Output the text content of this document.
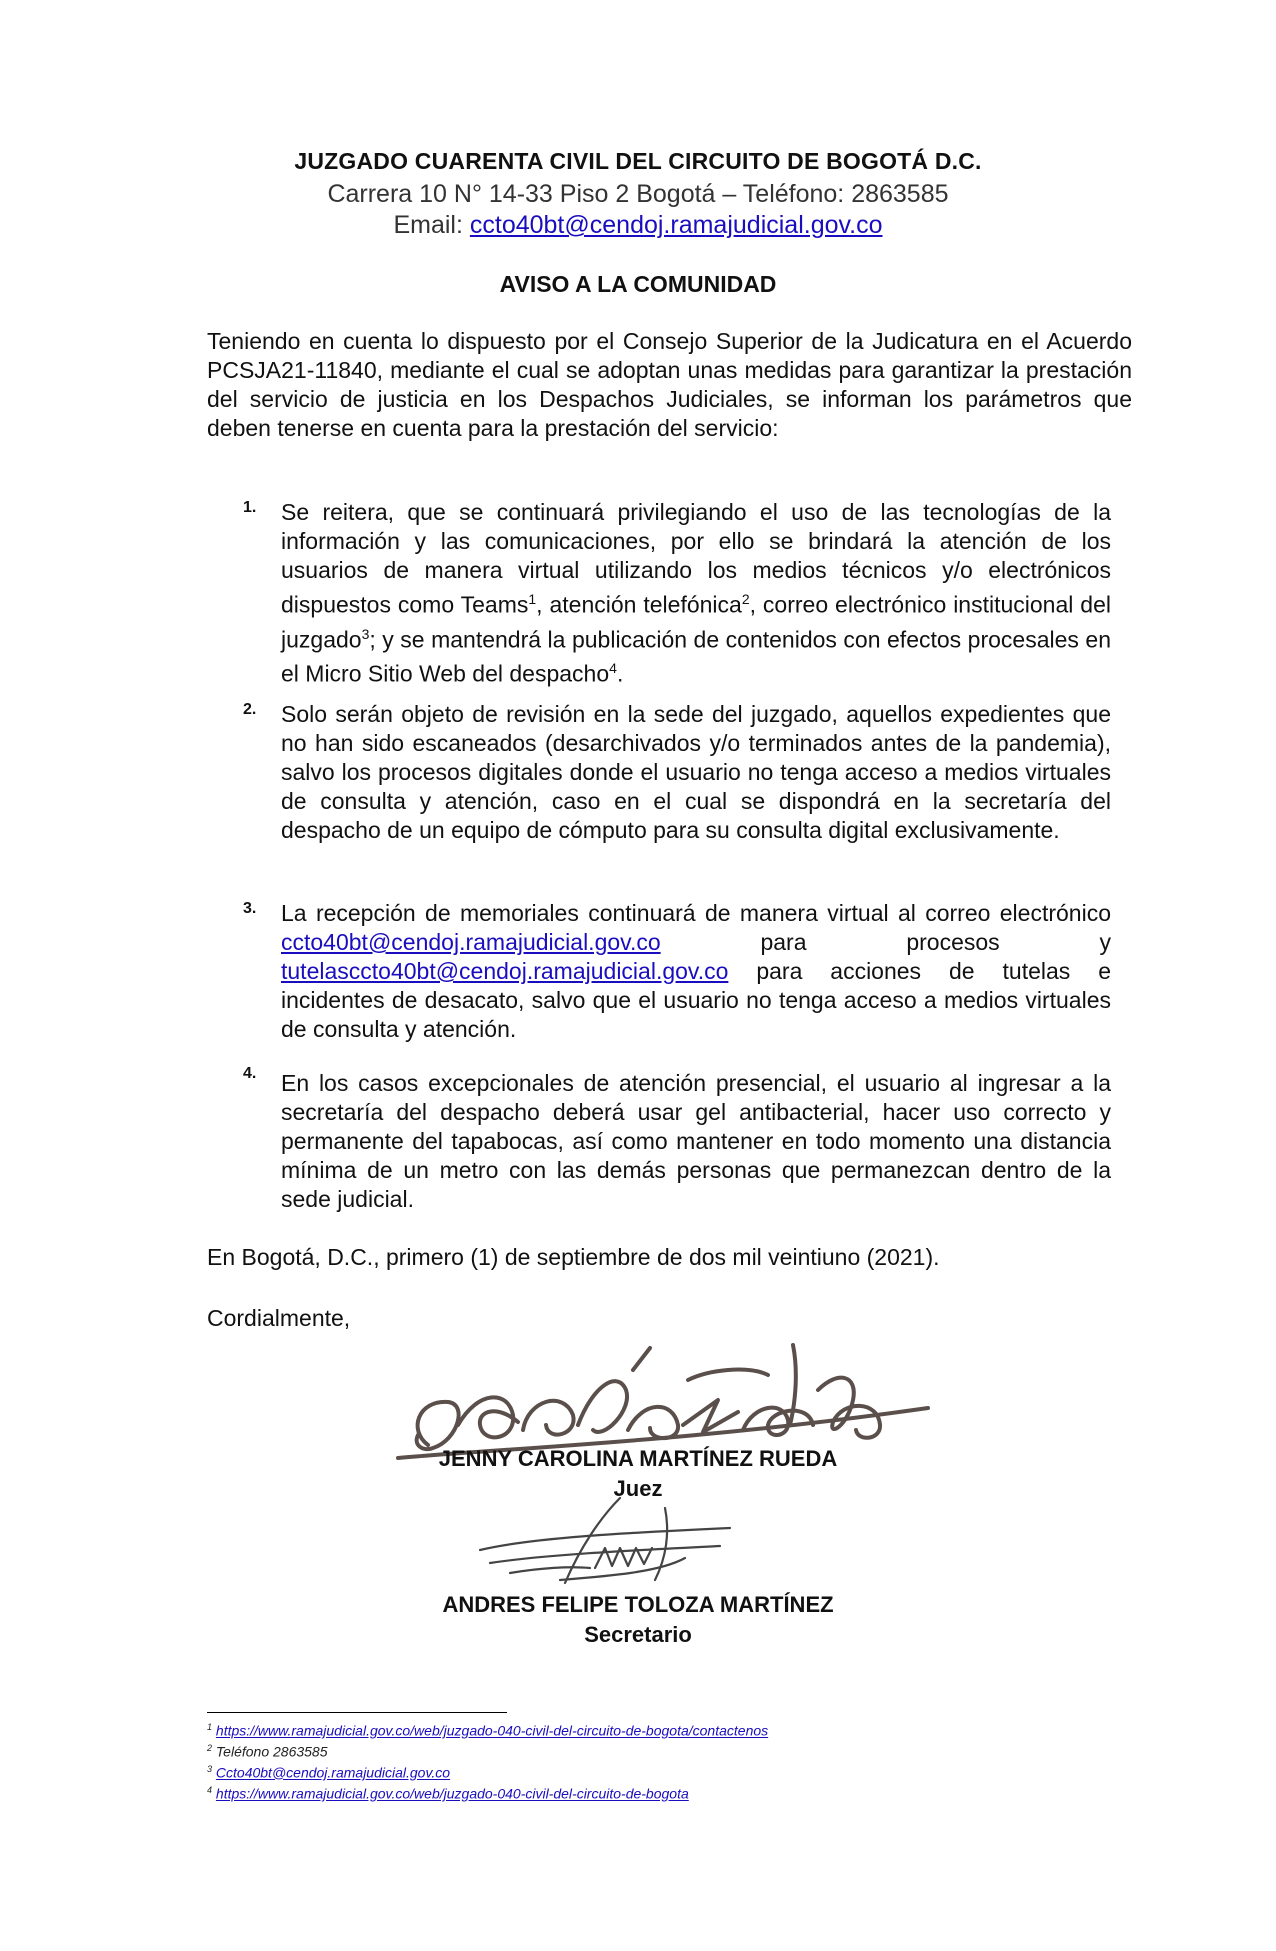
JUZGADO CUARENTA CIVIL DEL CIRCUITO DE BOGOTÁ D.C.
Carrera 10 N° 14-33 Piso 2 Bogotá – Teléfono: 2863585
Email: ccto40bt@cendoj.ramajudicial.gov.co
AVISO A LA COMUNIDAD
Teniendo en cuenta lo dispuesto por el Consejo Superior de la Judicatura en el Acuerdo PCSJA21-11840, mediante el cual se adoptan unas medidas para garantizar la prestación del servicio de justicia en los Despachos Judiciales, se informan los parámetros que deben tenerse en cuenta para la prestación del servicio:
1. Se reitera, que se continuará privilegiando el uso de las tecnologías de la información y las comunicaciones, por ello se brindará la atención de los usuarios de manera virtual utilizando los medios técnicos y/o electrónicos dispuestos como Teams$^1$, atención telefónica$^2$, correo electrónico institucional del juzgado$^3$; y se mantendrá la publicación de contenidos con efectos procesales en el Micro Sitio Web del despacho$^4$.
2. Solo serán objeto de revisión en la sede del juzgado, aquellos expedientes que no han sido escaneados (desarchivados y/o terminados antes de la pandemia), salvo los procesos digitales donde el usuario no tenga acceso a medios virtuales de consulta y atención, caso en el cual se dispondrá en la secretaría del despacho de un equipo de cómputo para su consulta digital exclusivamente.
3. La recepción de memoriales continuará de manera virtual al correo electrónico ccto40bt@cendoj.ramajudicial.gov.co para procesos y tutelasccto40bt@cendoj.ramajudicial.gov.co para acciones de tutelas e incidentes de desacato, salvo que el usuario no tenga acceso a medios virtuales de consulta y atención.
4. En los casos excepcionales de atención presencial, el usuario al ingresar a la secretaría del despacho deberá usar gel antibacterial, hacer uso correcto y permanente del tapabocas, así como mantener en todo momento una distancia mínima de un metro con las demás personas que permanezcan dentro de la sede judicial.
En Bogotá, D.C., primero (1) de septiembre de dos mil veintiuno (2021).
Cordialmente,
JENNY CAROLINA MARTÍNEZ RUEDA
Juez
ANDRES FELIPE TOLOZA MARTÍNEZ
Secretario
$^1$ https://www.ramajudicial.gov.co/web/juzgado-040-civil-del-circuito-de-bogota/contactenos
$^2$ Teléfono 2863585
$^3$ Ccto40bt@cendoj.ramajudicial.gov.co
$^4$ https://www.ramajudicial.gov.co/web/juzgado-040-civil-del-circuito-de-bogota
